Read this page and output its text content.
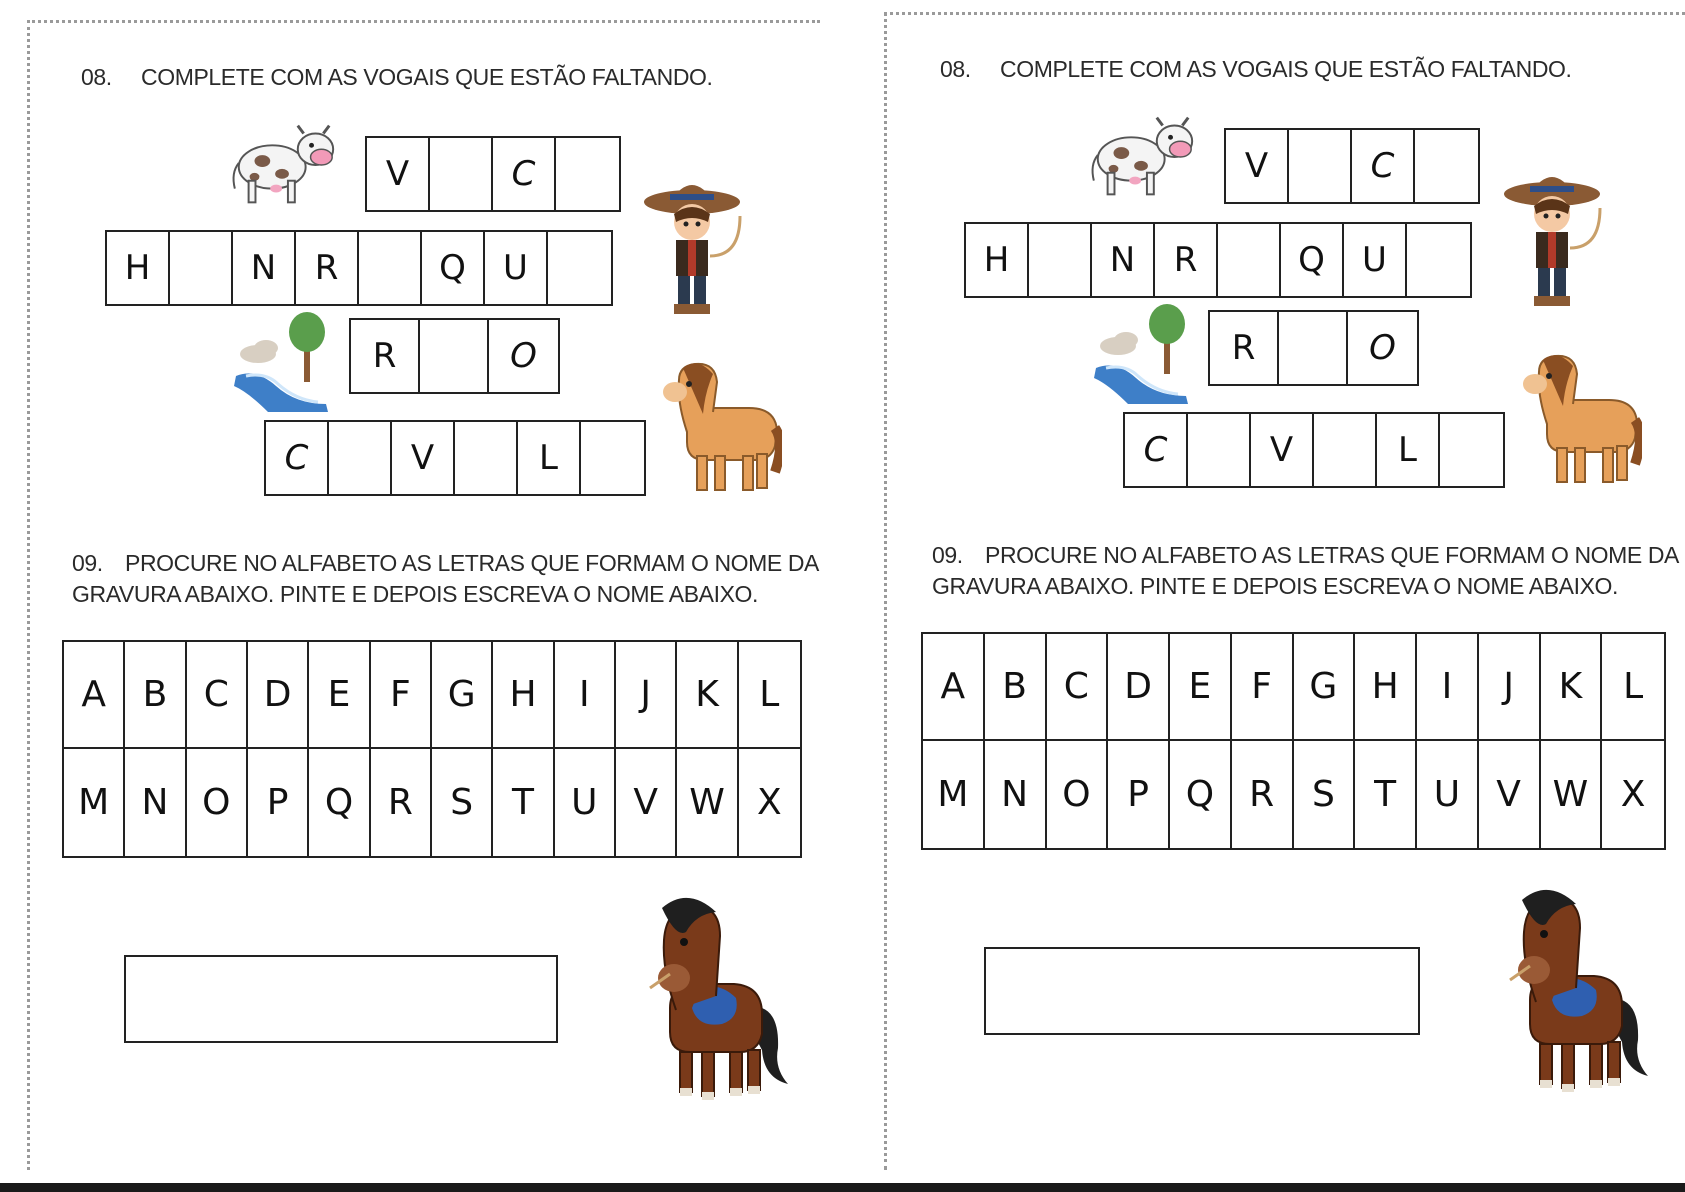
08. COMPLETE COM AS VOGAIS QUE ESTÃO FALTANDO.

V	C
H	N	R	Q	U
R	O
C	V	L
09. PROCURE NO ALFABETO AS LETRAS QUE FORMAM O NOME DA
GRAVURA ABAIXO. PINTE E DEPOIS ESCREVA O NOME ABAIXO.
A	B	C D	E	F	G H	I	J	K	L
M N O	P	Q R	S	T	U V W X

08. COMPLETE COM AS VOGAIS QUE ESTÃO FALTANDO.

V	C
H	N	R	Q	U
R	O
C	V	L
09. PROCURE NO ALFABETO AS LETRAS QUE FORMAM O NOME DA
GRAVURA ABAIXO. PINTE E DEPOIS ESCREVA O NOME ABAIXO.
A	B	C D	E	F	G H	I	J	K	L
M N O	P	Q R	S	T	U	V W X
